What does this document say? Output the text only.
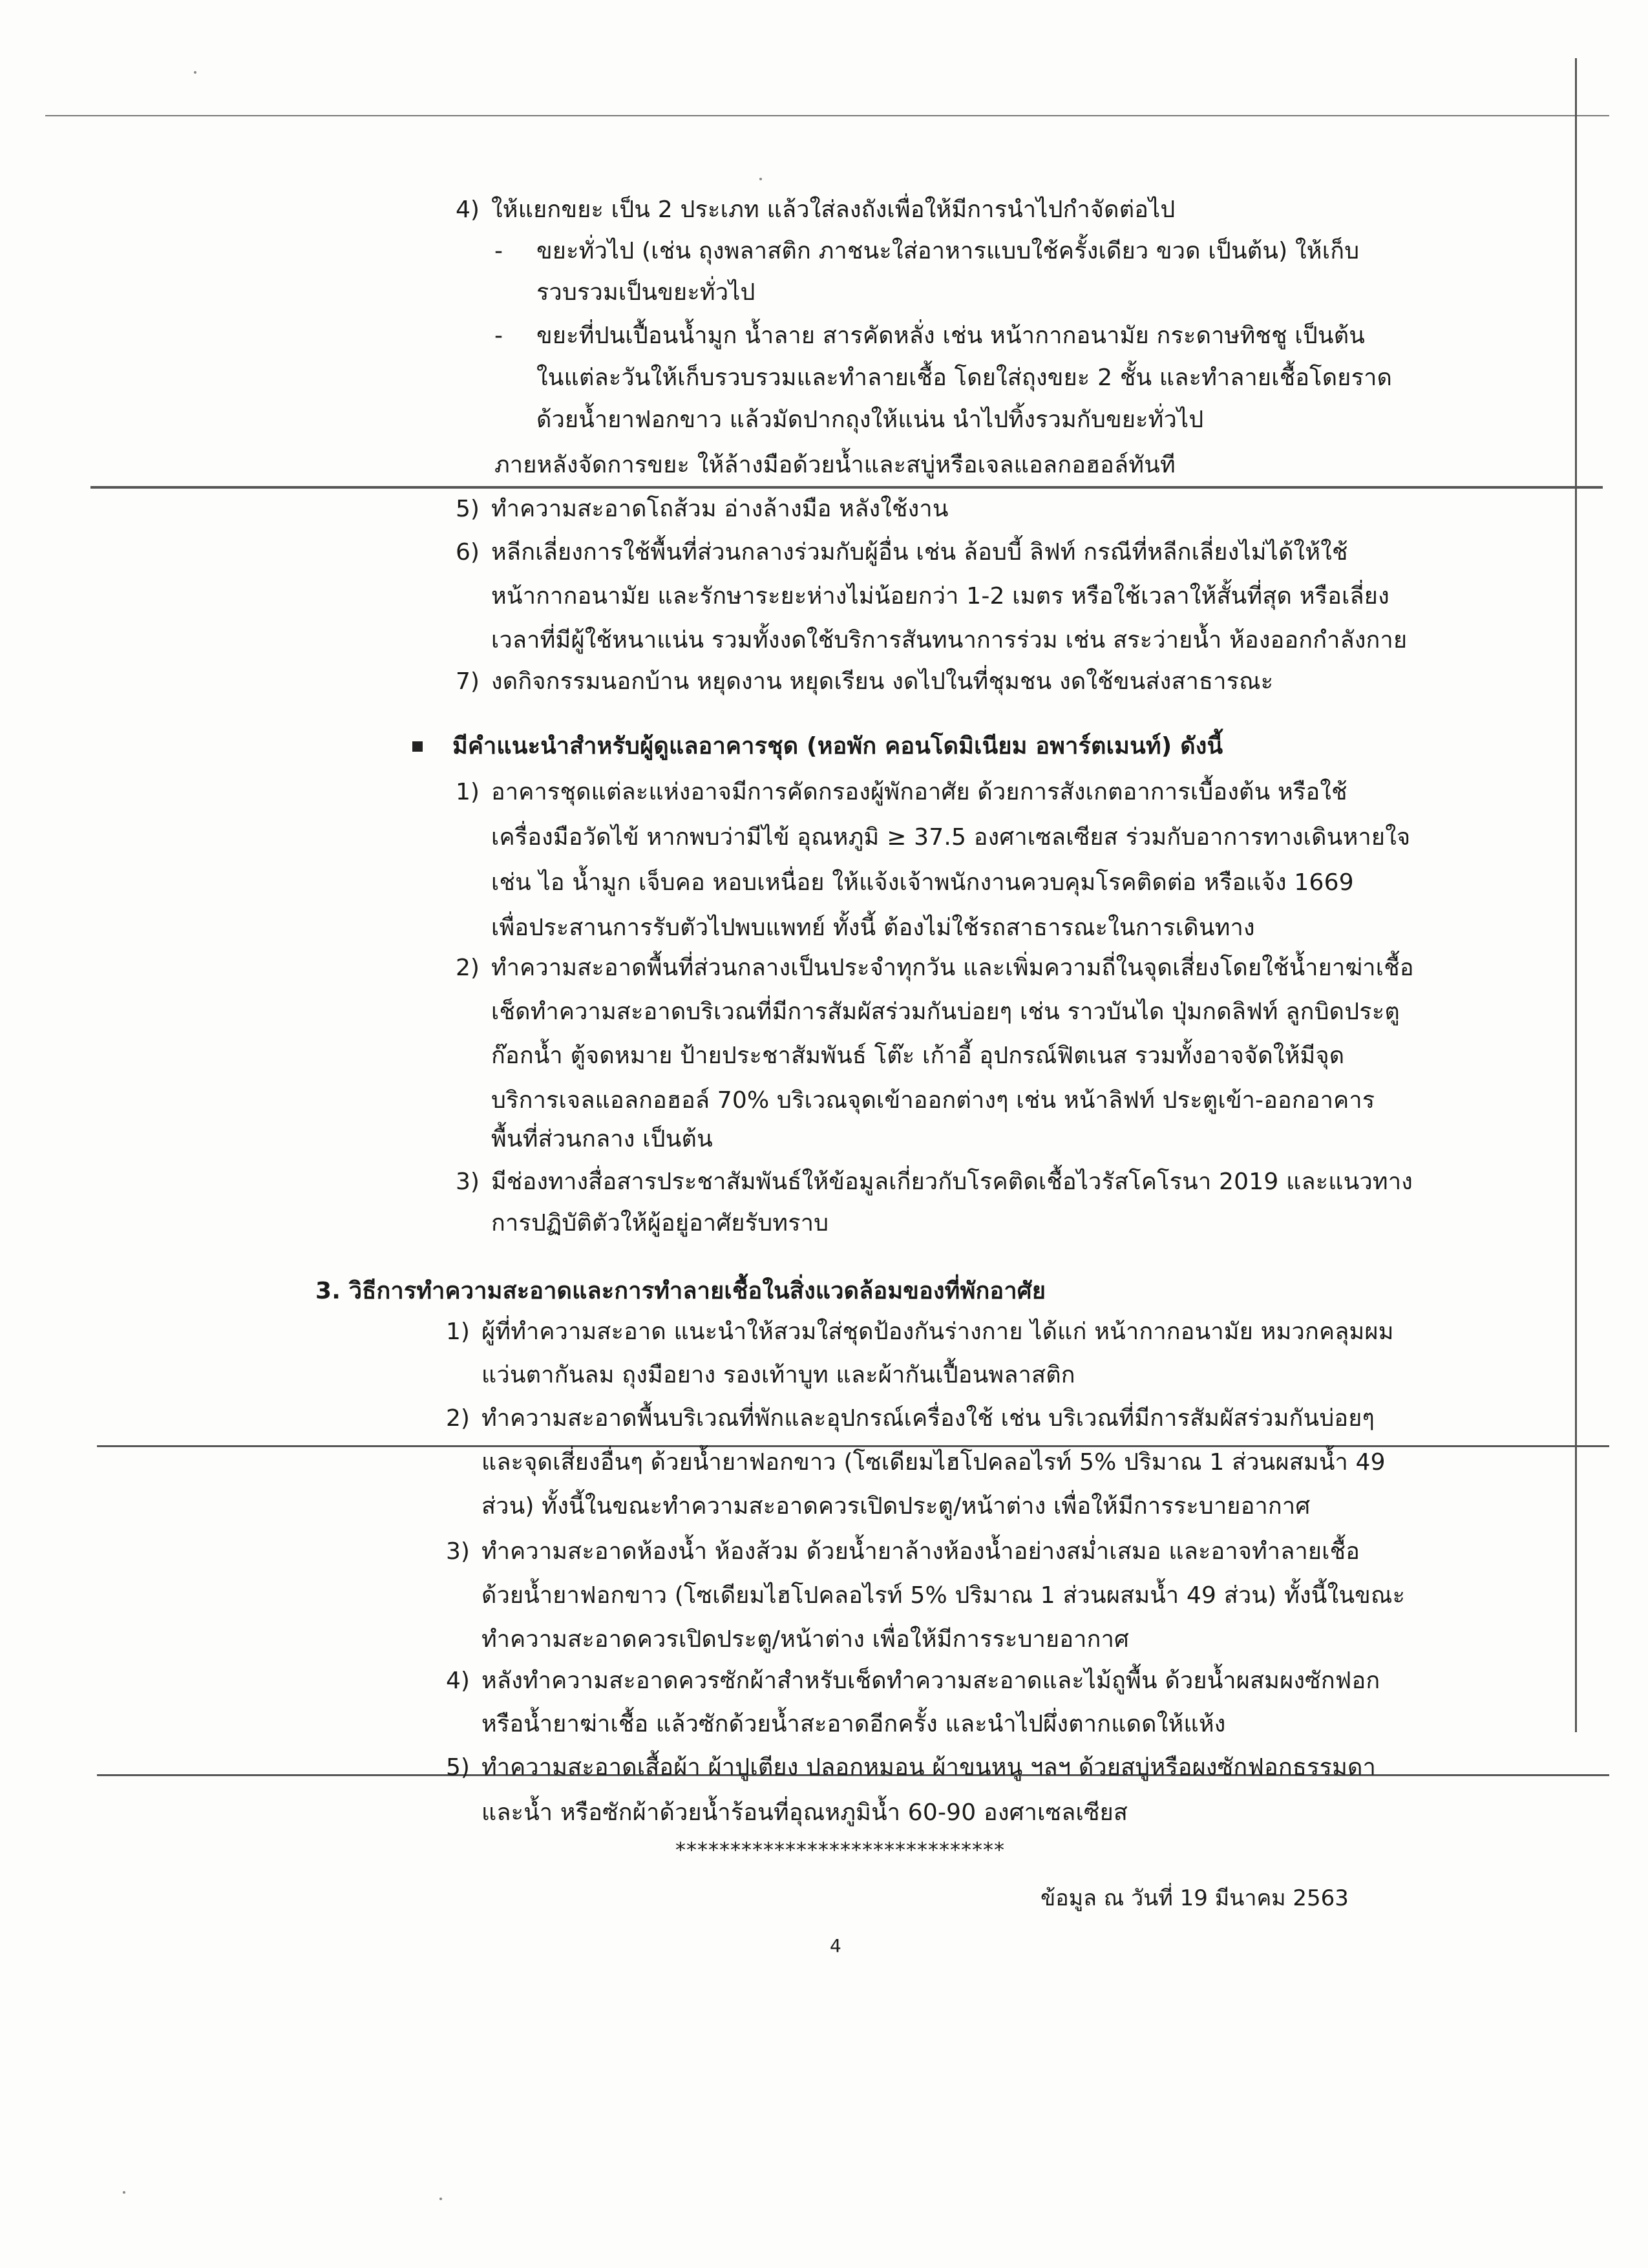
4) ให้แยกขยะ เป็น 2 ประเภท แล้วใส่ลงถังเพื่อให้มีการนำไปกำจัดต่อไป
- ขยะทั่วไป (เช่น ถุงพลาสติก ภาชนะใส่อาหารแบบใช้ครั้งเดียว ขวด เป็นต้น) ให้เก็บ
รวบรวมเป็นขยะทั่วไป
- ขยะที่ปนเปื้อนน้ำมูก น้ำลาย สารคัดหลั่ง เช่น หน้ากากอนามัย กระดาษทิชชู เป็นต้น
ในแต่ละวันให้เก็บรวบรวมและทำลายเชื้อ โดยใส่ถุงขยะ 2 ชั้น และทำลายเชื้อโดยราด
ด้วยน้ำยาฟอกขาว แล้วมัดปากถุงให้แน่น นำไปทิ้งรวมกับขยะทั่วไป
ภายหลังจัดการขยะ ให้ล้างมือด้วยน้ำและสบู่หรือเจลแอลกอฮอล์ทันที
5) ทำความสะอาดโถส้วม อ่างล้างมือ หลังใช้งาน
6) หลีกเลี่ยงการใช้พื้นที่ส่วนกลางร่วมกับผู้อื่น เช่น ล้อบบี้ ลิฟท์ กรณีที่หลีกเลี่ยงไม่ได้ให้ใช้
หน้ากากอนามัย และรักษาระยะห่างไม่น้อยกว่า 1-2 เมตร หรือใช้เวลาให้สั้นที่สุด หรือเลี่ยง
เวลาที่มีผู้ใช้หนาแน่น รวมทั้งงดใช้บริการสันทนาการร่วม เช่น สระว่ายน้ำ ห้องออกกำลังกาย
7) งดกิจกรรมนอกบ้าน หยุดงาน หยุดเรียน งดไปในที่ชุมชน งดใช้ขนส่งสาธารณะ
มีคำแนะนำสำหรับผู้ดูแลอาคารชุด (หอพัก คอนโดมิเนียม อพาร์ตเมนท์) ดังนี้
1) อาคารชุดแต่ละแห่งอาจมีการคัดกรองผู้พักอาศัย ด้วยการสังเกตอาการเบื้องต้น หรือใช้
เครื่องมือวัดไข้ หากพบว่ามีไข้ อุณหภูมิ ≥ 37.5 องศาเซลเซียส ร่วมกับอาการทางเดินหายใจ
เช่น ไอ น้ำมูก เจ็บคอ หอบเหนื่อย ให้แจ้งเจ้าพนักงานควบคุมโรคติดต่อ หรือแจ้ง 1669
เพื่อประสานการรับตัวไปพบแพทย์ ทั้งนี้ ต้องไม่ใช้รถสาธารณะในการเดินทาง
2) ทำความสะอาดพื้นที่ส่วนกลางเป็นประจำทุกวัน และเพิ่มความถี่ในจุดเสี่ยงโดยใช้น้ำยาฆ่าเชื้อ
เช็ดทำความสะอาดบริเวณที่มีการสัมผัสร่วมกันบ่อยๆ เช่น ราวบันได ปุ่มกดลิฟท์ ลูกบิดประตู
ก๊อกน้ำ ตู้จดหมาย ป้ายประชาสัมพันธ์ โต๊ะ เก้าอี้ อุปกรณ์ฟิตเนส รวมทั้งอาจจัดให้มีจุด
บริการเจลแอลกอฮอล์ 70% บริเวณจุดเข้าออกต่างๆ เช่น หน้าลิฟท์ ประตูเข้า-ออกอาคาร
พื้นที่ส่วนกลาง เป็นต้น
3) มีช่องทางสื่อสารประชาสัมพันธ์ให้ข้อมูลเกี่ยวกับโรคติดเชื้อไวรัสโคโรนา 2019 และแนวทาง
การปฏิบัติตัวให้ผู้อยู่อาศัยรับทราบ
3. วิธีการทำความสะอาดและการทำลายเชื้อในสิ่งแวดล้อมของที่พักอาศัย
1) ผู้ที่ทำความสะอาด แนะนำให้สวมใส่ชุดป้องกันร่างกาย ได้แก่ หน้ากากอนามัย หมวกคลุมผม
แว่นตากันลม ถุงมือยาง รองเท้าบูท และผ้ากันเปื้อนพลาสติก
2) ทำความสะอาดพื้นบริเวณที่พักและอุปกรณ์เครื่องใช้ เช่น บริเวณที่มีการสัมผัสร่วมกันบ่อยๆ
และจุดเสี่ยงอื่นๆ ด้วยน้ำยาฟอกขาว (โซเดียมไฮโปคลอไรท์ 5% ปริมาณ 1 ส่วนผสมน้ำ 49
ส่วน) ทั้งนี้ในขณะทำความสะอาดควรเปิดประตู/หน้าต่าง เพื่อให้มีการระบายอากาศ
3) ทำความสะอาดห้องน้ำ ห้องส้วม ด้วยน้ำยาล้างห้องน้ำอย่างสม่ำเสมอ และอาจทำลายเชื้อ
ด้วยน้ำยาฟอกขาว (โซเดียมไฮโปคลอไรท์ 5% ปริมาณ 1 ส่วนผสมน้ำ 49 ส่วน) ทั้งนี้ในขณะ
ทำความสะอาดควรเปิดประตู/หน้าต่าง เพื่อให้มีการระบายอากาศ
4) หลังทำความสะอาดควรซักผ้าสำหรับเช็ดทำความสะอาดและไม้ถูพื้น ด้วยน้ำผสมผงซักฟอก
หรือน้ำยาฆ่าเชื้อ แล้วซักด้วยน้ำสะอาดอีกครั้ง และนำไปผึ่งตากแดดให้แห้ง
5) ทำความสะอาดเสื้อผ้า ผ้าปูเตียง ปลอกหมอน ผ้าขนหนู ฯลฯ ด้วยสบู่หรือผงซักฟอกธรรมดา
และน้ำ หรือซักผ้าด้วยน้ำร้อนที่อุณหภูมิน้ำ 60-90 องศาเซลเซียส
******************************
ข้อมูล ณ วันที่ 19 มีนาคม 2563
4
